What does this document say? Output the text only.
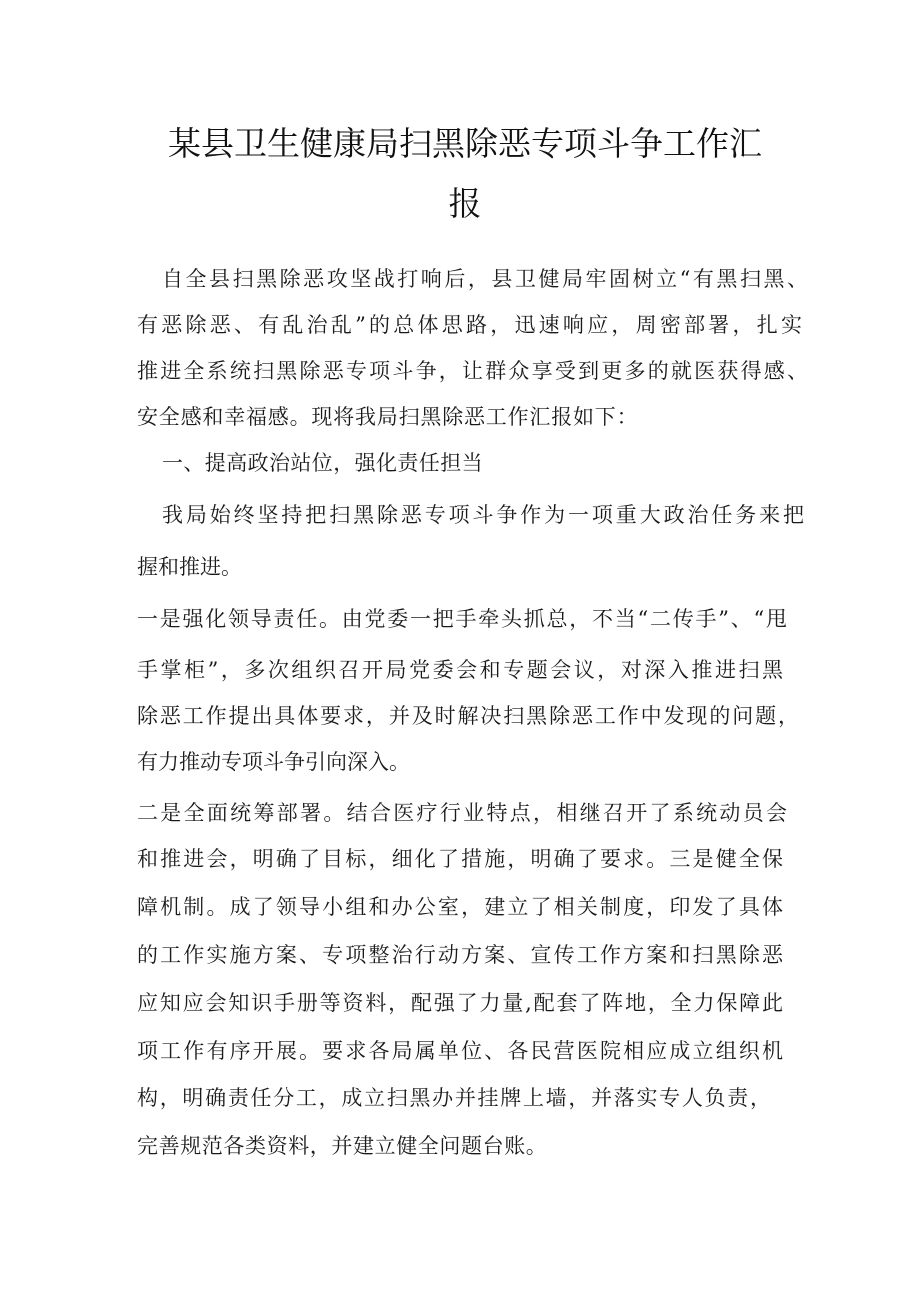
某县卫生健康局扫黑除恶专项斗争工作汇
报

自全县扫黑除恶攻坚战打响后，县卫健局牢固树立“有黑扫黑、

有恶除恶、有乱治乱”的总体思路，迅速响应，周密部署，扎实

推进全系统扫黑除恶专项斗争，让群众享受到更多的就医获得感、

安全感和幸福感。现将我局扫黑除恶工作汇报如下：

一、提高政治站位，强化责任担当

我局始终坚持把扫黑除恶专项斗争作为一项重大政治任务来把

握和推进。

一是强化领导责任。由党委一把手牵头抓总，不当“二传手”、“甩

手掌柜”，多次组织召开局党委会和专题会议，对深入推进扫黑

除恶工作提出具体要求，并及时解决扫黑除恶工作中发现的问题，

有力推动专项斗争引向深入。

二是全面统筹部署。结合医疗行业特点，相继召开了系统动员会

和推进会，明确了目标，细化了措施，明确了要求。三是健全保

障机制。成了领导小组和办公室，建立了相关制度，印发了具体

的工作实施方案、专项整治行动方案、宣传工作方案和扫黑除恶

应知应会知识手册等资料，配强了力量,配套了阵地，全力保障此

项工作有序开展。要求各局属单位、各民营医院相应成立组织机

构，明确责任分工，成立扫黑办并挂牌上墙，并落实专人负责，

完善规范各类资料，并建立健全问题台账。
